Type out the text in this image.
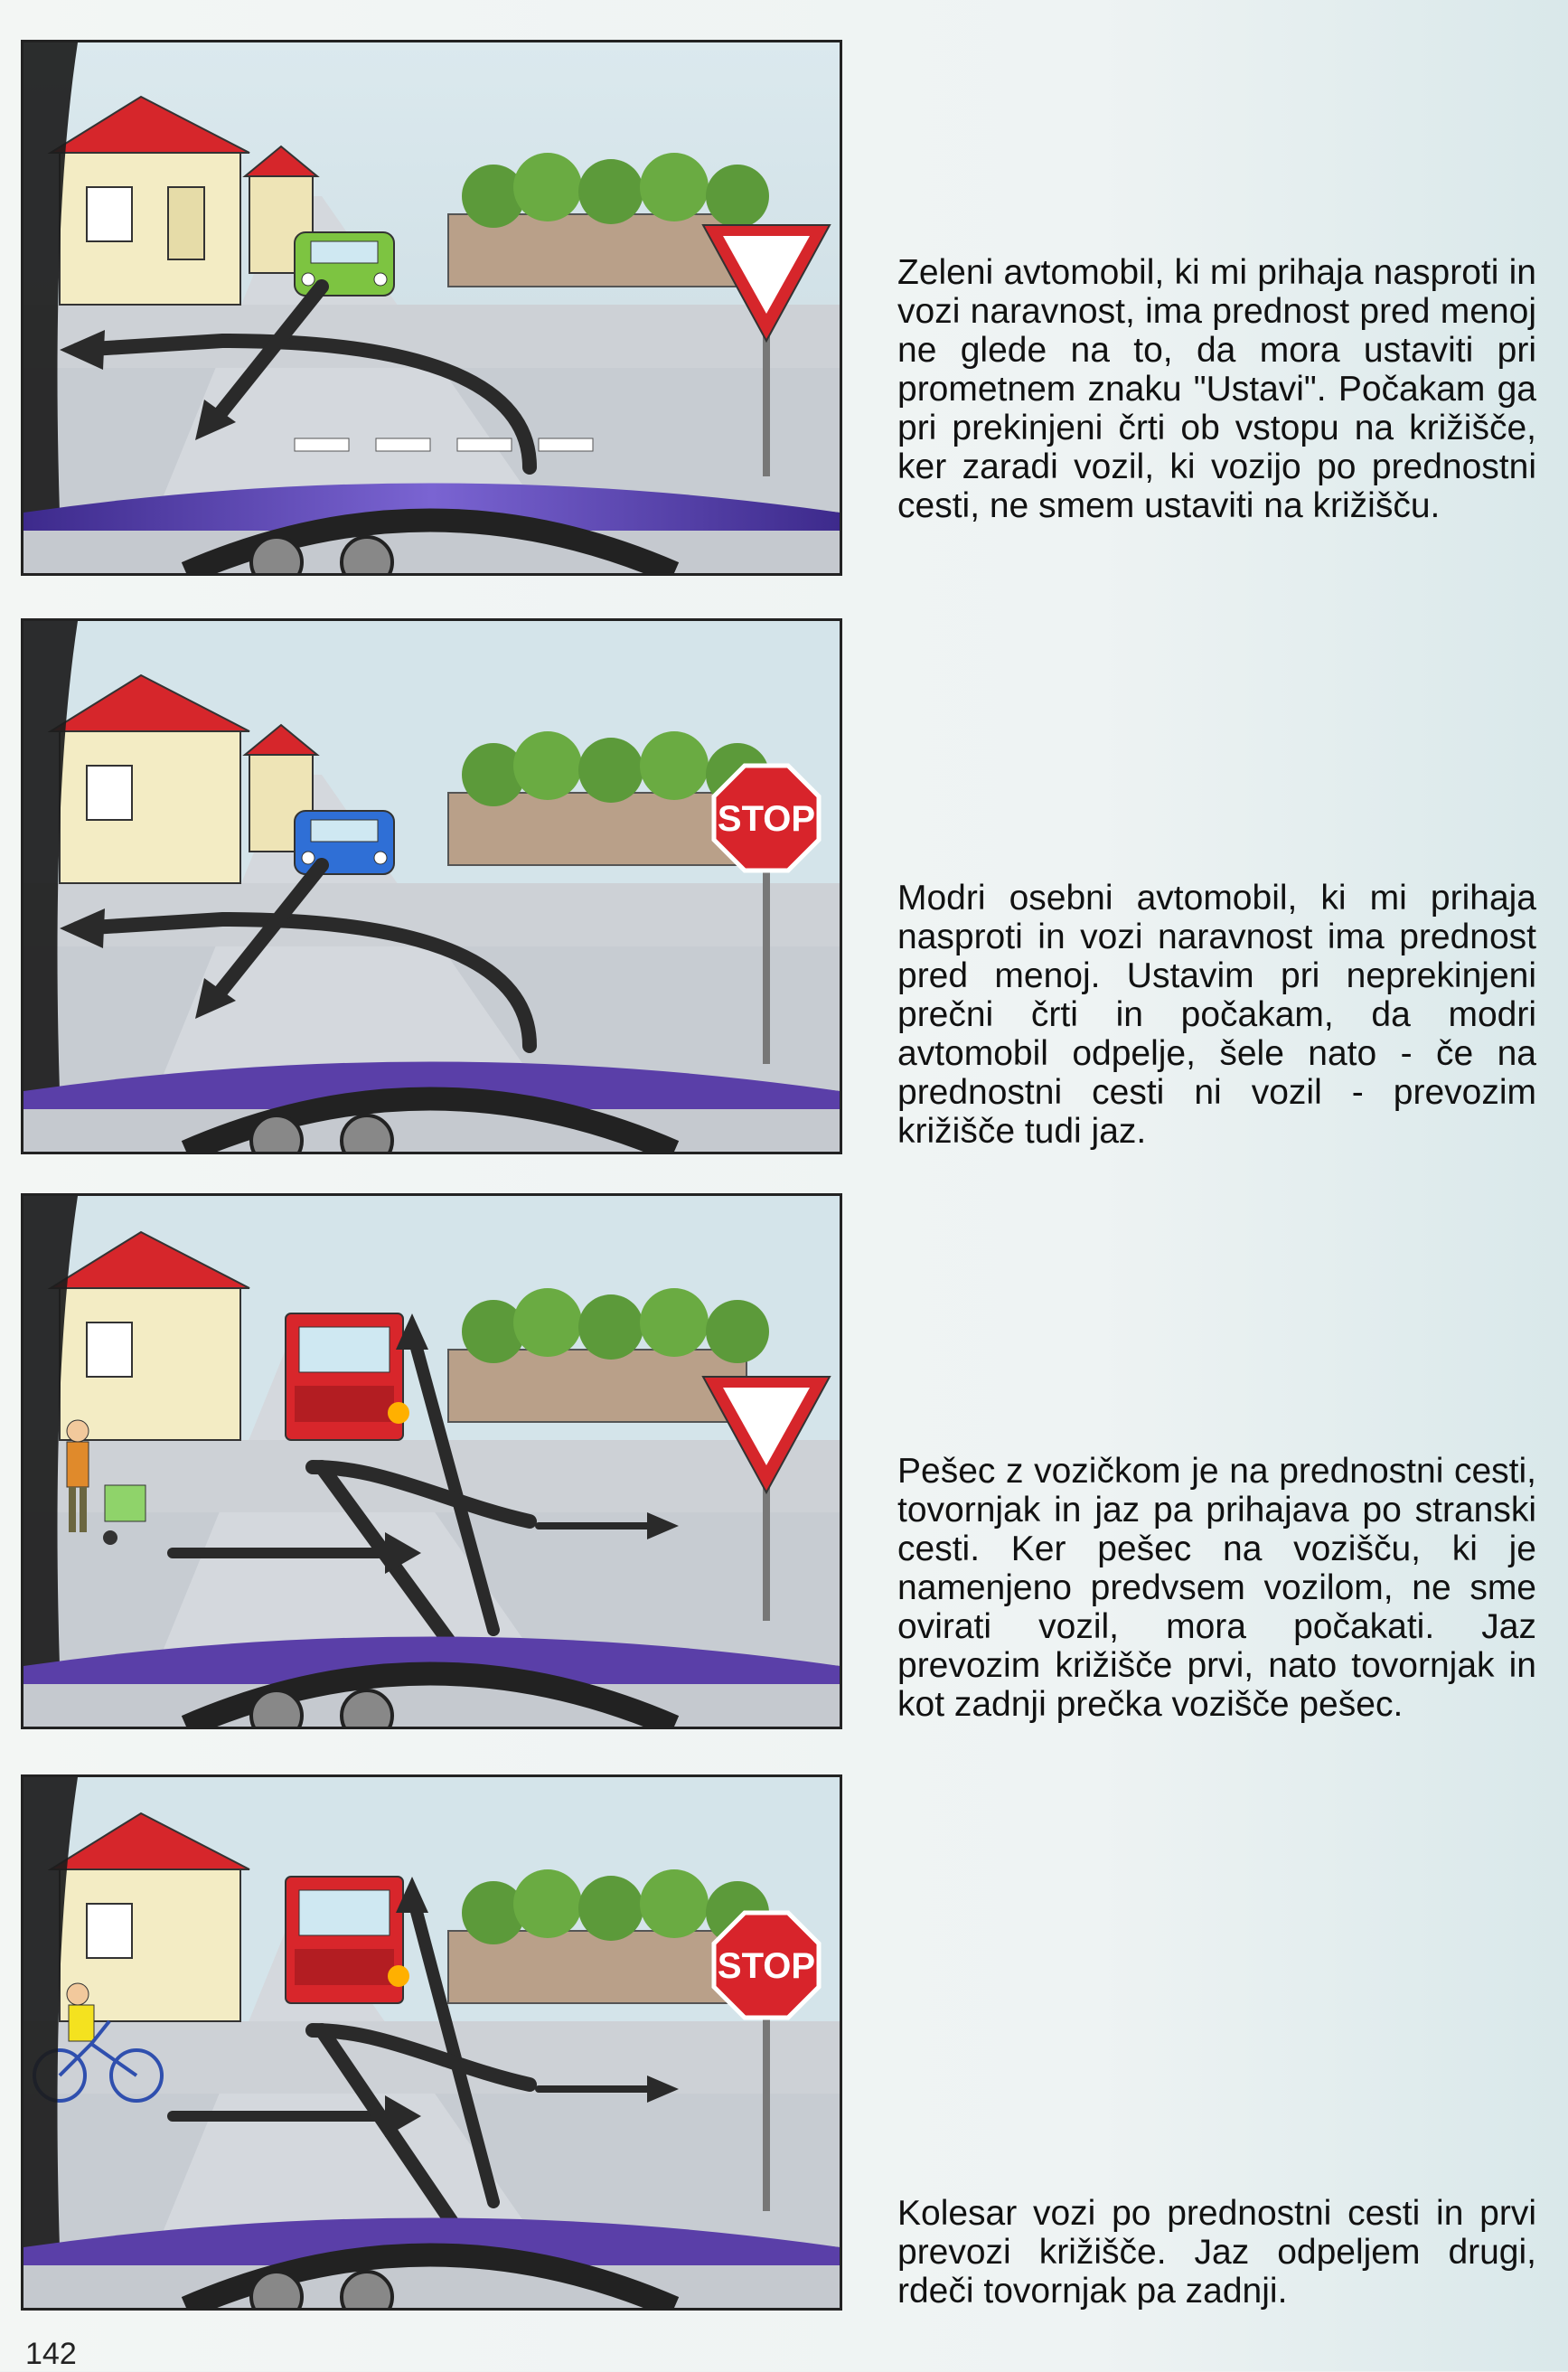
Zeleni avtomobil, ki mi prihaja nasproti in vozi naravnost, ima prednost pred menoj ne glede na to, da mora ustaviti pri prometnem znaku "Ustavi". Počakam ga pri prekinjeni črti ob vstopu na križišče, ker zaradi vozil, ki vozijo po prednostni cesti, ne smem ustaviti na križišču.
STOP
Modri osebni avtomobil, ki mi prihaja nasproti in vozi naravnost ima prednost pred menoj. Ustavim pri neprekinjeni prečni črti in počakam, da modri avtomobil odpelje, šele nato - če na prednostni cesti ni vozil - prevozim križišče tudi jaz.
Pešec z vozičkom je na prednostni cesti, tovornjak in jaz pa prihajava po stranski cesti. Ker pešec na vozišču, ki je namenjeno predvsem vozilom, ne sme ovirati vozil, mora počakati. Jaz prevozim križišče prvi, nato tovornjak in kot zadnji prečka vozišče pešec.
STOP
Kolesar vozi po prednostni cesti in prvi prevozi križišče. Jaz odpeljem drugi, rdeči tovornjak pa zadnji.
142
